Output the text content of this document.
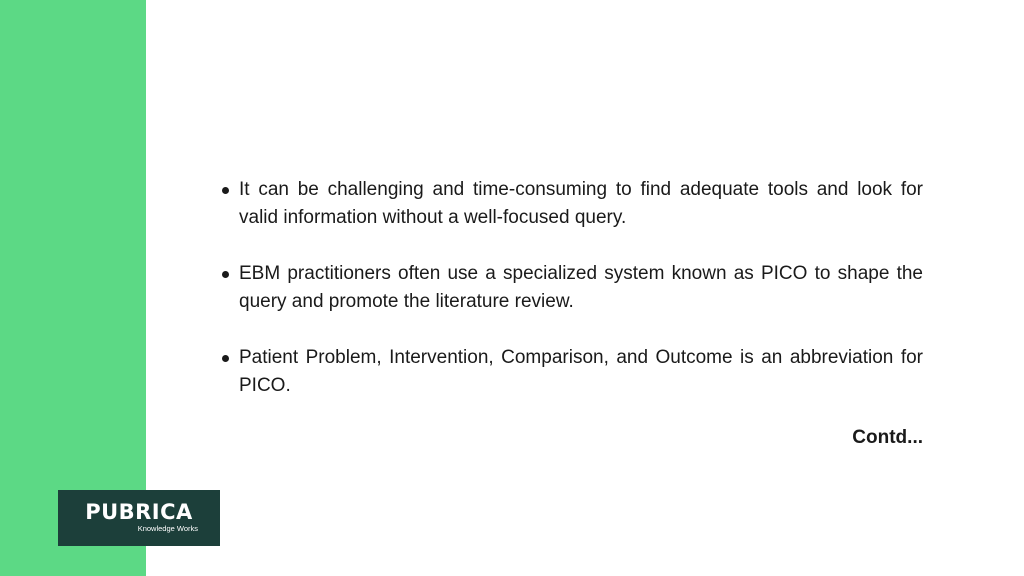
It can be challenging and time-consuming to find adequate tools and look for valid information without a well-focused query.
EBM practitioners often use a specialized system known as PICO to shape the query and promote the literature review.
Patient Problem, Intervention, Comparison, and Outcome is an abbreviation for PICO.
Contd...
PUBRICA
Knowledge Works
